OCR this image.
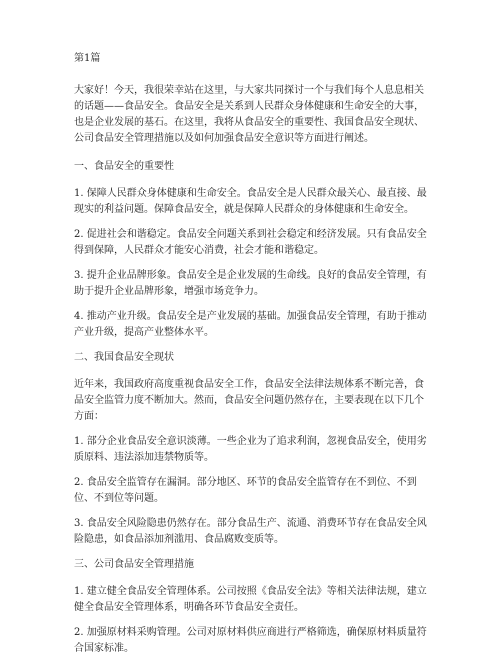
第1篇

大家好！今天，我很荣幸站在这里，与大家共同探讨一个与我们每个人息息相关的话题——食品安全。食品安全是关系到人民群众身体健康和生命安全的大事，也是企业发展的基石。在这里，我将从食品安全的重要性、我国食品安全现状、公司食品安全管理措施以及如何加强食品安全意识等方面进行阐述。

一、食品安全的重要性

1. 保障人民群众身体健康和生命安全。食品安全是人民群众最关心、最直接、最现实的利益问题。保障食品安全，就是保障人民群众的身体健康和生命安全。

2. 促进社会和谐稳定。食品安全问题关系到社会稳定和经济发展。只有食品安全得到保障，人民群众才能安心消费，社会才能和谐稳定。

3. 提升企业品牌形象。食品安全是企业发展的生命线。良好的食品安全管理，有助于提升企业品牌形象，增强市场竞争力。

4. 推动产业升级。食品安全是产业发展的基础。加强食品安全管理，有助于推动产业升级，提高产业整体水平。

二、我国食品安全现状

近年来，我国政府高度重视食品安全工作，食品安全法律法规体系不断完善，食品安全监管力度不断加大。然而，食品安全问题仍然存在，主要表现在以下几个方面：

1. 部分企业食品安全意识淡薄。一些企业为了追求利润，忽视食品安全，使用劣质原料、违法添加违禁物质等。

2. 食品安全监管存在漏洞。部分地区、环节的食品安全监管存在不到位、不到位、不到位等问题。

3. 食品安全风险隐患仍然存在。部分食品生产、流通、消费环节存在食品安全风险隐患，如食品添加剂滥用、食品腐败变质等。

三、公司食品安全管理措施

1. 建立健全食品安全管理体系。公司按照《食品安全法》等相关法律法规，建立健全食品安全管理体系，明确各环节食品安全责任。

2. 加强原材料采购管理。公司对原材料供应商进行严格筛选，确保原材料质量符合国家标准。
